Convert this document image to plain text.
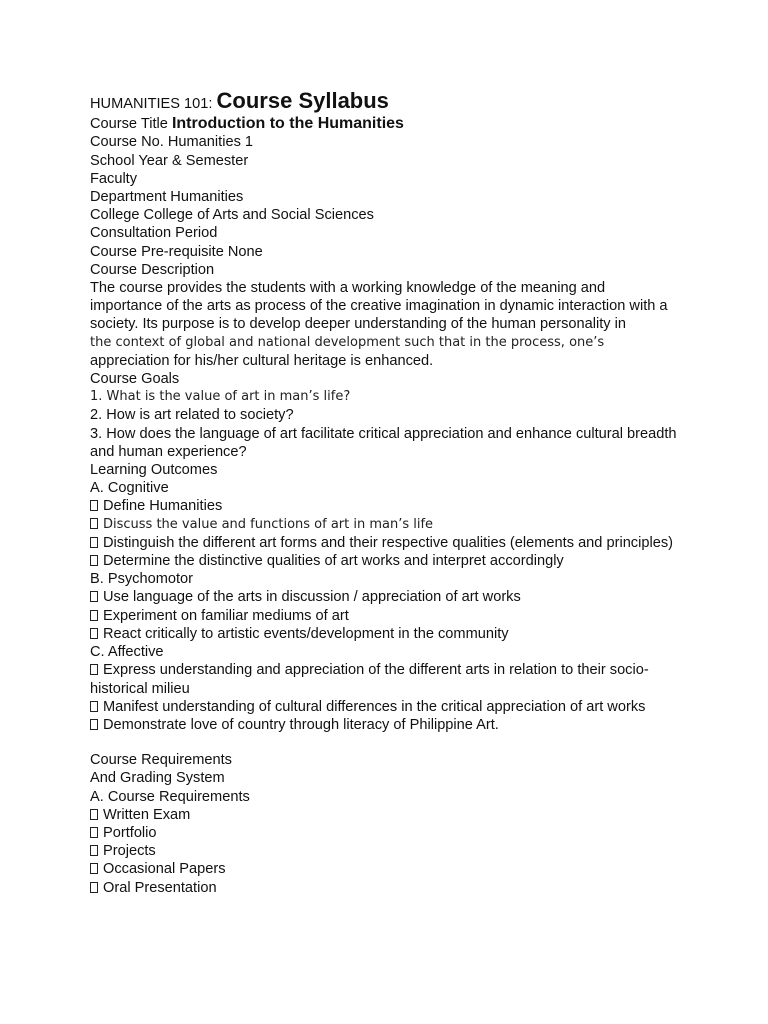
HUMANITIES 101: Course Syllabus
Course Title Introduction to the Humanities
Course No. Humanities 1
School Year & Semester
Faculty
Department Humanities
College College of Arts and Social Sciences
Consultation Period
Course Pre-requisite None
Course Description
The course provides the students with a working knowledge of the meaning and importance of the arts as process of the creative imagination in dynamic interaction with a society. Its purpose is to develop deeper understanding of the human personality in
the context of global and national development such that in the process, one’s
appreciation for his/her cultural heritage is enhanced.
Course Goals
1. What is the value of art in man’s life?
2. How is art related to society?
3. How does the language of art facilitate critical appreciation and enhance cultural breadth and human experience?
Learning Outcomes
A. Cognitive
Define Humanities
Discuss the value and functions of art in man’s life
Distinguish the different art forms and their respective qualities (elements and principles)
Determine the distinctive qualities of art works and interpret accordingly
B. Psychomotor
Use language of the arts in discussion / appreciation of art works
Experiment on familiar mediums of art
React critically to artistic events/development in the community
C. Affective
Express understanding and appreciation of the different arts in relation to their socio-historical milieu
Manifest understanding of cultural differences in the critical appreciation of art works
Demonstrate love of country through literacy of Philippine Art.
Course Requirements
And Grading System
A. Course Requirements
Written Exam
Portfolio
Projects
Occasional Papers
Oral Presentation
